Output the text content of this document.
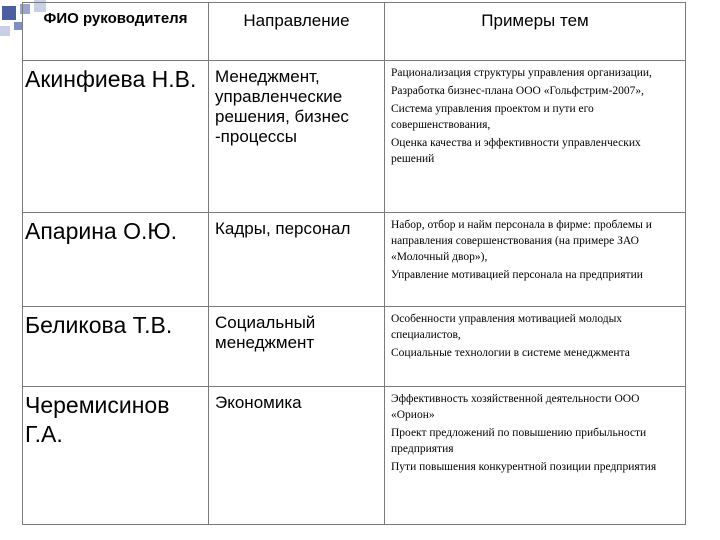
ФИО руководителя	Направление	Примеры тем
Акинфиева Н.В.	Менеджмент, управленческие решения, бизнес -процессы	Рационализация структуры управления организации,
Разработка бизнес-плана ООО «Гольфстрим-2007»,
Система управления проектом и пути его совершенствования,
Оценка качества и эффективности управленческих решений

Апарина О.Ю.	Кадры, персонал	Набор, отбор и найм персонала в фирме: проблемы и направления совершенствования (на примере ЗАО «Молочный двор»),
Управление мотивацией персонала на предприятии

Беликова Т.В.	Социальный менеджмент	Особенности управления мотивацией молодых специалистов,
Социальные технологии в системе менеджмента

Черемисинов Г.А.	Экономика	Эффективность хозяйственной деятельности ООО «Орион»
Проект предложений по повышению прибыльности предприятия
Пути повышения конкурентной позиции предприятия
